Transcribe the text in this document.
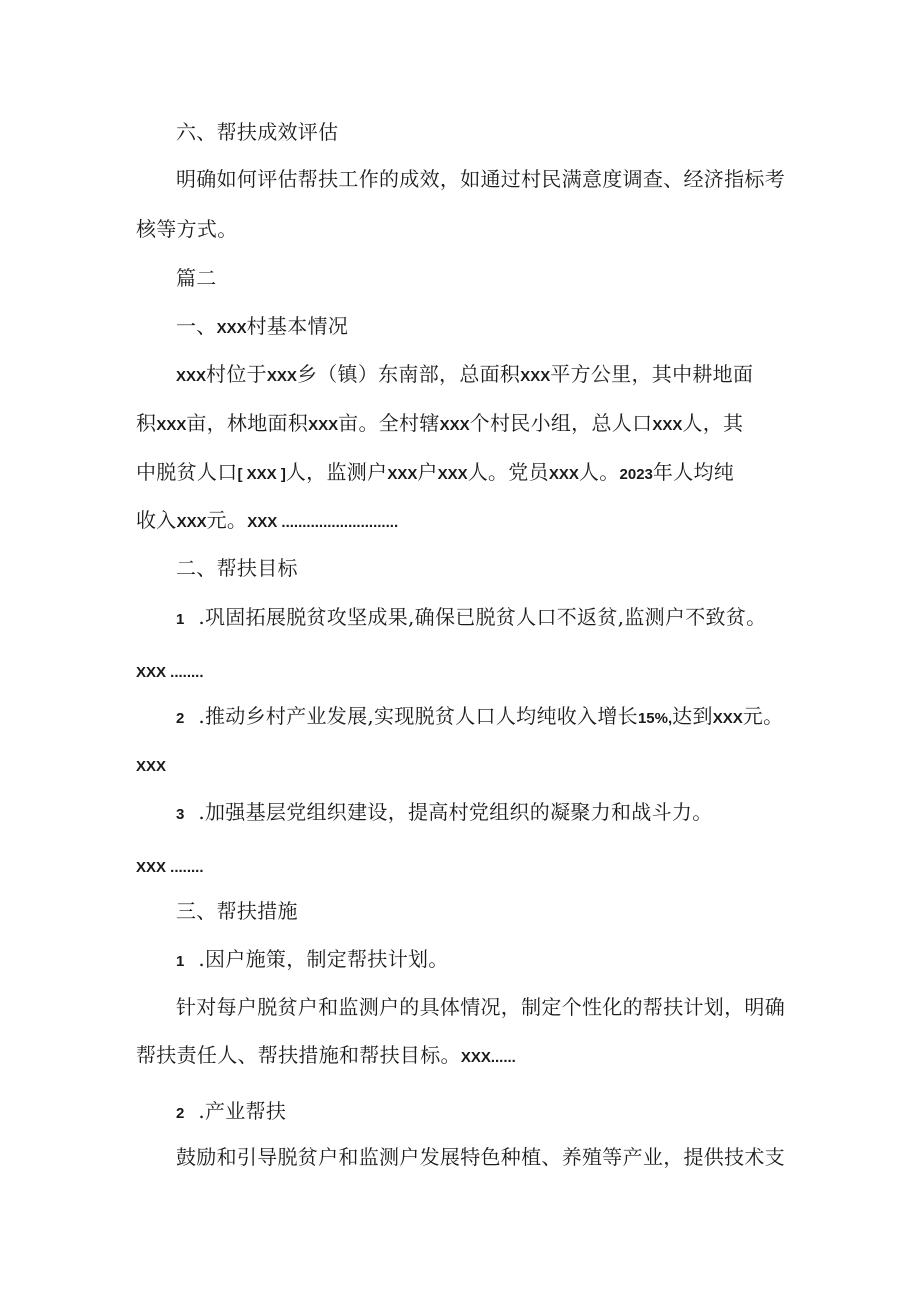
六、帮扶成效评估
明确如何评估帮扶工作的成效，如通过村民满意度调查、经济指标考
核等方式。
篇二
一、XXX村基本情况
XXX村位于XXX乡（镇）东南部，总面积XXX平方公里，其中耕地面
积XXX亩，林地面积XXX亩。全村辖XXX个村民小组，总人口XXX人，其
中脱贫人口[ XXX ]人，监测户XXX户XXX人。党员XXX人。2023年人均纯
收入XXX元。XXX ............................
二、帮扶目标
1 .巩固拓展脱贫攻坚成果,确保已脱贫人口不返贫,监测户不致贫。
XXX ........
2 .推动乡村产业发展,实现脱贫人口人均纯收入增长15%,达到XXX元。
XXX
3 .加强基层党组织建设，提高村党组织的凝聚力和战斗力。
XXX ........
三、帮扶措施
1 .因户施策，制定帮扶计划。
针对每户脱贫户和监测户的具体情况，制定个性化的帮扶计划，明确
帮扶责任人、帮扶措施和帮扶目标。XXX......
2 .产业帮扶
鼓励和引导脱贫户和监测户发展特色种植、养殖等产业，提供技术支
